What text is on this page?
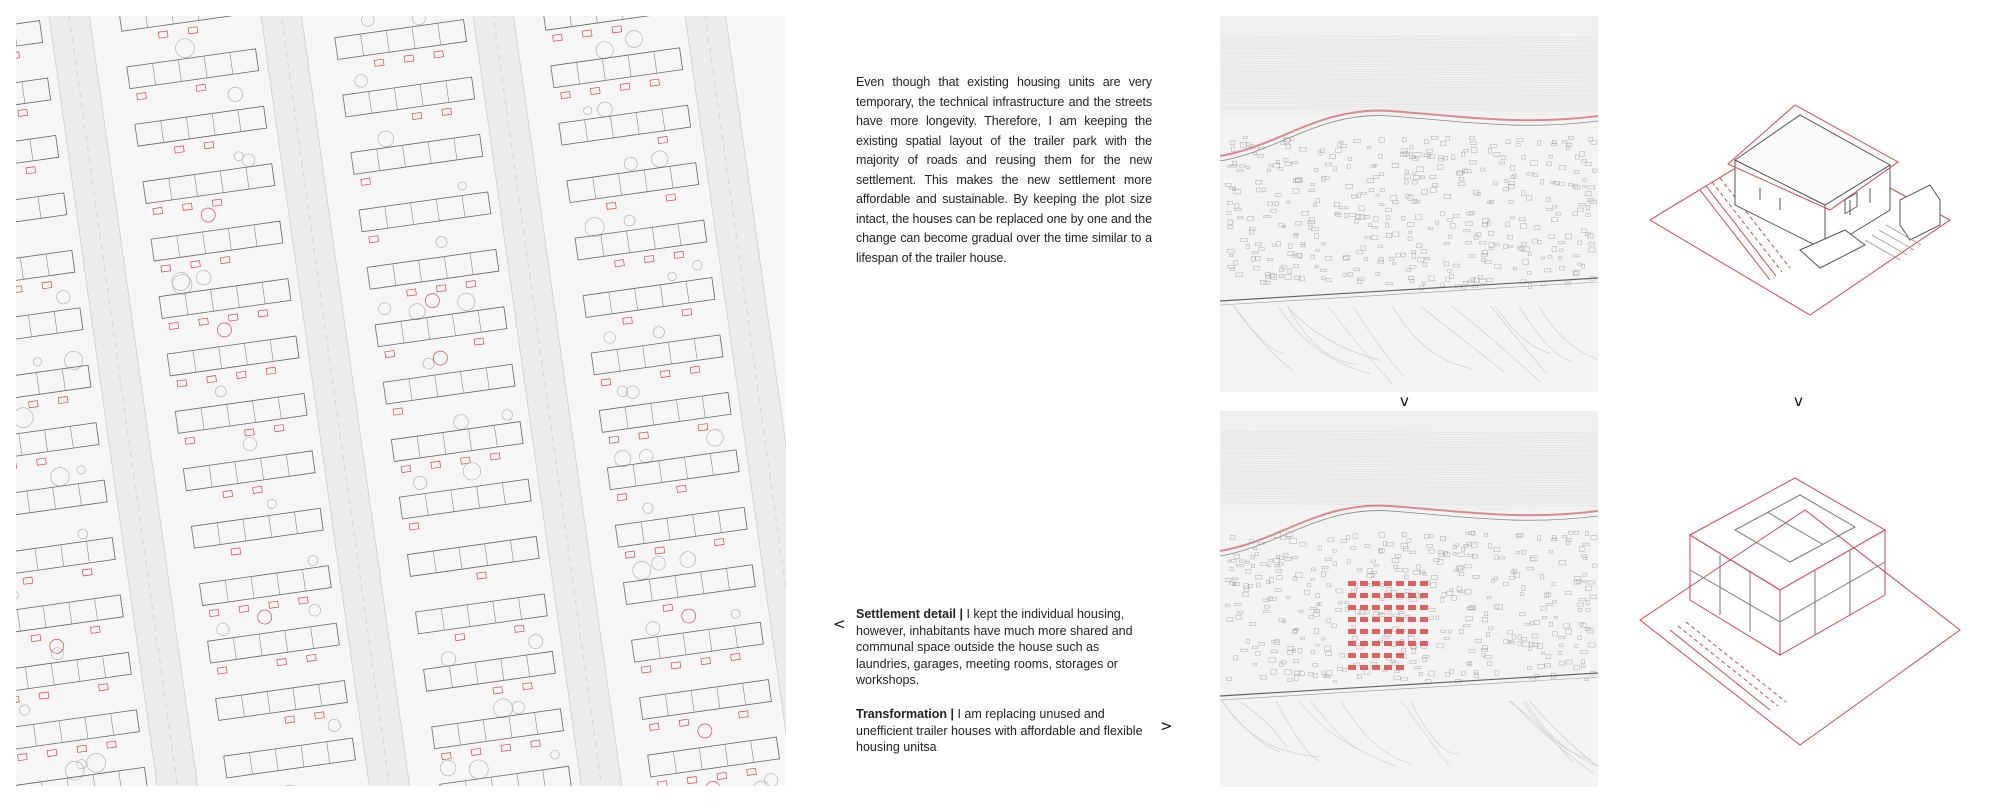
Even though that existing housing units are very temporary, the technical infrastructure and the streets have more longevity. Therefore, I am keeping the existing spatial layout of the trailer park with the majority of roads and reusing them for the new settlement. This makes the new settlement more affordable and sustainable. By keeping the plot size intact, the houses can be replaced one by one and the change can become gradual over the time similar to a lifespan of the trailer house.
Settlement detail | I kept the individual housing, however, inhabitants have much more shared and communal space outside the house such as laundries, garages, meeting rooms, storages or workshops.
Transformation | I am replacing unused and unefficient trailer houses with affordable and flexible housing unitsa
<
>
v	v
